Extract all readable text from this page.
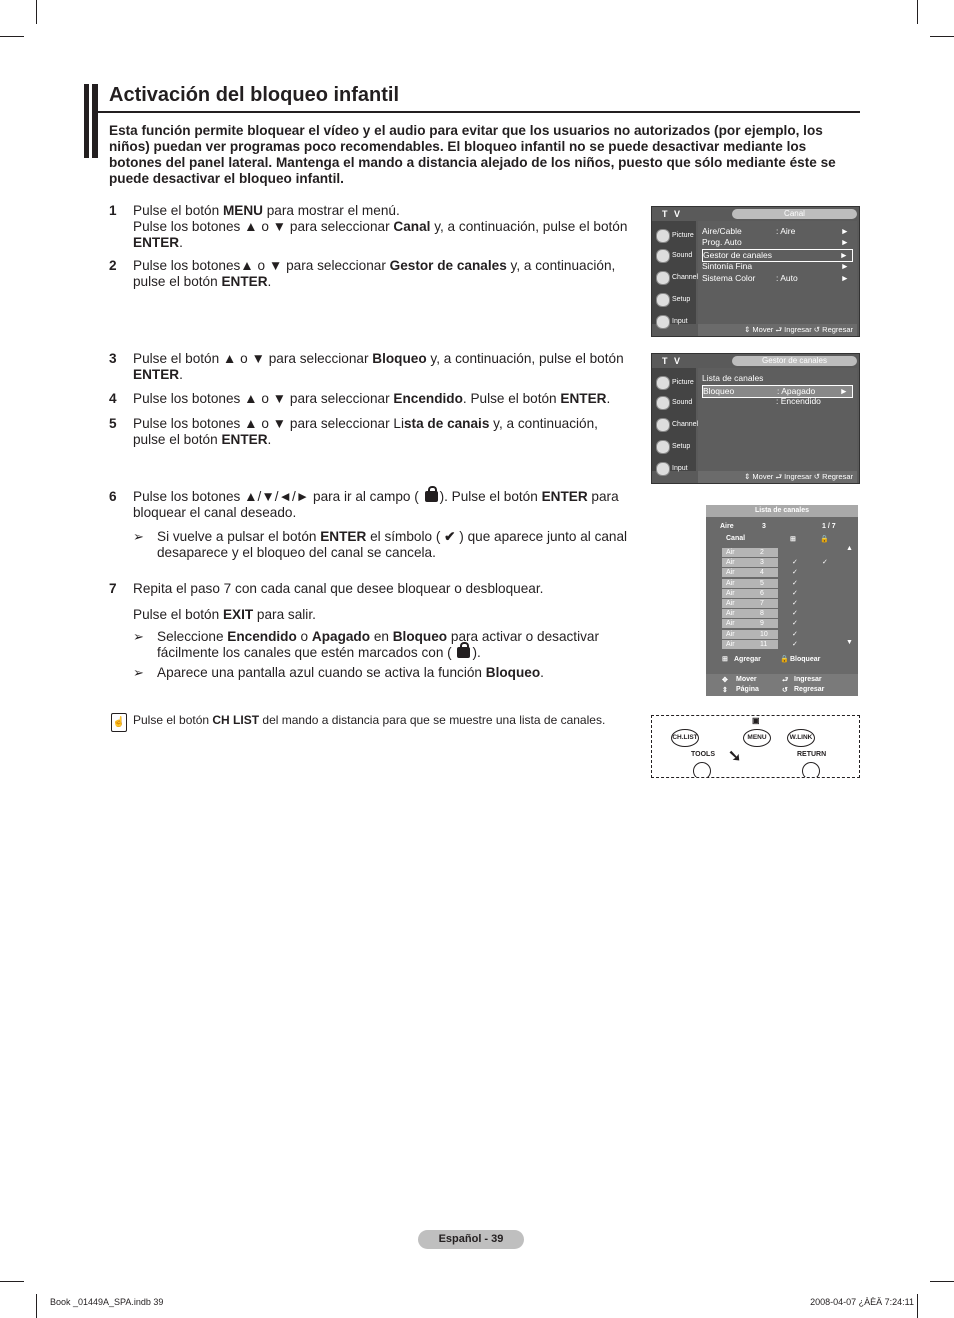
Activación del bloqueo infantil

Esta función permite bloquear el vídeo y el audio para evitar que los usuarios no autorizados (por ejemplo, los niños) puedan ver programas poco recomendables. El bloqueo infantil no se puede desactivar mediante los botones del panel lateral. Mantenga el mando a distancia alejado de los niños, puesto que sólo mediante éste se puede desactivar el bloqueo infantil.

1 Pulse el botón MENU para mostrar el menú.
Pulse los botones ▲ o ▼ para seleccionar Canal y, a continuación, pulse el botón ENTER.
2 Pulse los botones▲ o ▼ para seleccionar Gestor de canales y, a continuación, pulse el botón ENTER.
3 Pulse el botón ▲ o ▼ para seleccionar Bloqueo y, a continuación, pulse el botón ENTER.
4 Pulse los botones ▲ o ▼ para seleccionar Encendido. Pulse el botón ENTER.
5 Pulse los botones ▲ o ▼ para seleccionar Lista de canais y, a continuación, pulse el botón ENTER.
6 Pulse los botones ▲/▼/◄/► para ir al campo ( ). Pulse el botón ENTER para bloquear el canal deseado.
➢ Si vuelve a pulsar el botón ENTER el símbolo ( ✔ ) que aparece junto al canal desaparece y el bloqueo del canal se cancela.
7 Repita el paso 7 con cada canal que desee bloquear o desbloquear.
Pulse el botón EXIT para salir.
➢ Seleccione Encendido o Apagado en Bloqueo para activar o desactivar fácilmente los canales que estén marcados con ( ).
➢ Aparece una pantalla azul cuando se activa la función Bloqueo.
☝ Pulse el botón CH LIST del mando a distancia para que se muestre una lista de canales.
T V	Canal
Picture
Sound
Channel
Setup
Input
Aire/Cable	: Aire	►
Prog. Auto	►
Gestor de canales	►
Sintonía Fina	►
Sistema Color : Auto	►
⇕ Mover ⮐ Ingresar ↺ Regresar
T V	Gestor de canales
Picture
Sound
Channel
Setup
Input
Lista de canales
Bloqueo	: Apagado	►
: Encendido
⇕ Mover ⮐ Ingresar ↺ Regresar
Lista de canales
Aire	3	1 / 7
Canal	⊞	🔒
Air	2
Air	3	✓	✓
Air	4	✓
Air	5	✓
Air	6	✓
Air	7	✓
Air	8	✓
Air	9	✓
Air	10	✓
Air	11	✓
▲
▼
⊞ Agregar	🔒 Bloquear
✥ Mover	⮐ Ingresar
⇕ Página	↺ Regresar
CH.LIST	MENU	W.LINK
TOOLS	RETURN
➘
▣
Español - 39
Book _01449A_SPA.indb 39	2008-04-07 ¿ÀÈÄ 7:24:11
